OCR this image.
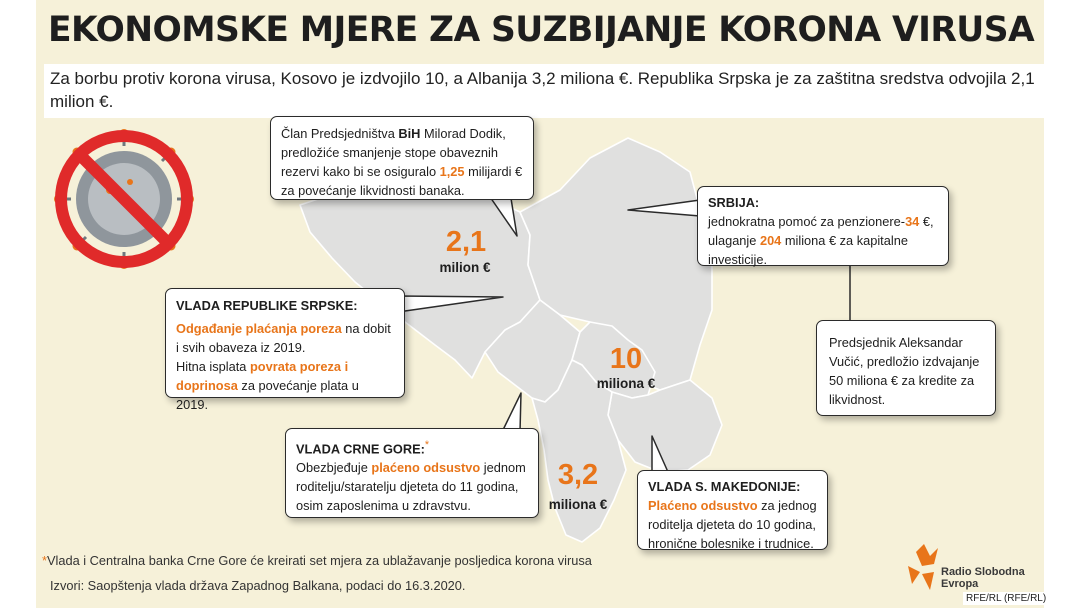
EKONOMSKE MJERE ZA SUZBIJANJE KORONA VIRUSA
Za borbu protiv korona virusa, Kosovo je izdvojilo 10, a Albanija 3,2 miliona €. Republika Srpska je za zaštitna sredstva odvojila 2,1 milion €.
Član Predsjedništva BiH Milorad Dodik, predložiće smanjenje stope obaveznih rezervi kako bi se osiguralo 1,25 milijardi € za povećanje likvidnosti banaka.
VLADA REPUBLIKE SRPSKE:
Odgađanje plaćanja poreza na dobit i svih obaveza iz 2019.
Hitna isplata povrata poreza i doprinosa za povećanje plata u 2019.
SRBIJA:
jednokratna pomoć za penzionere-34 €,
ulaganje 204 miliona € za kapitalne investicije.
Predsjednik Aleksandar Vučić, predložio izdvajanje 50 miliona € za kredite za likvidnost.
VLADA CRNE GORE:*
Obezbjeđuje plaćeno odsustvo jednom roditelju/staratelju djeteta do 11 godina, osim zaposlenima u zdravstvu.
VLADA S. MAKEDONIJE:
Plaćeno odsustvo za jednog roditelja djeteta do 10 godina, hronične bolesnike i trudnice.
2,1
milion €
10
miliona €
3,2
miliona €
*Vlada i Centralna banka Crne Gore će kreirati set mjera za ublažavanje posljedica korona virusa
Izvori: Saopštenja vlada država Zapadnog Balkana, podaci do 16.3.2020.
Radio Slobodna
Evropa
RFE/RL (RFE/RL)
